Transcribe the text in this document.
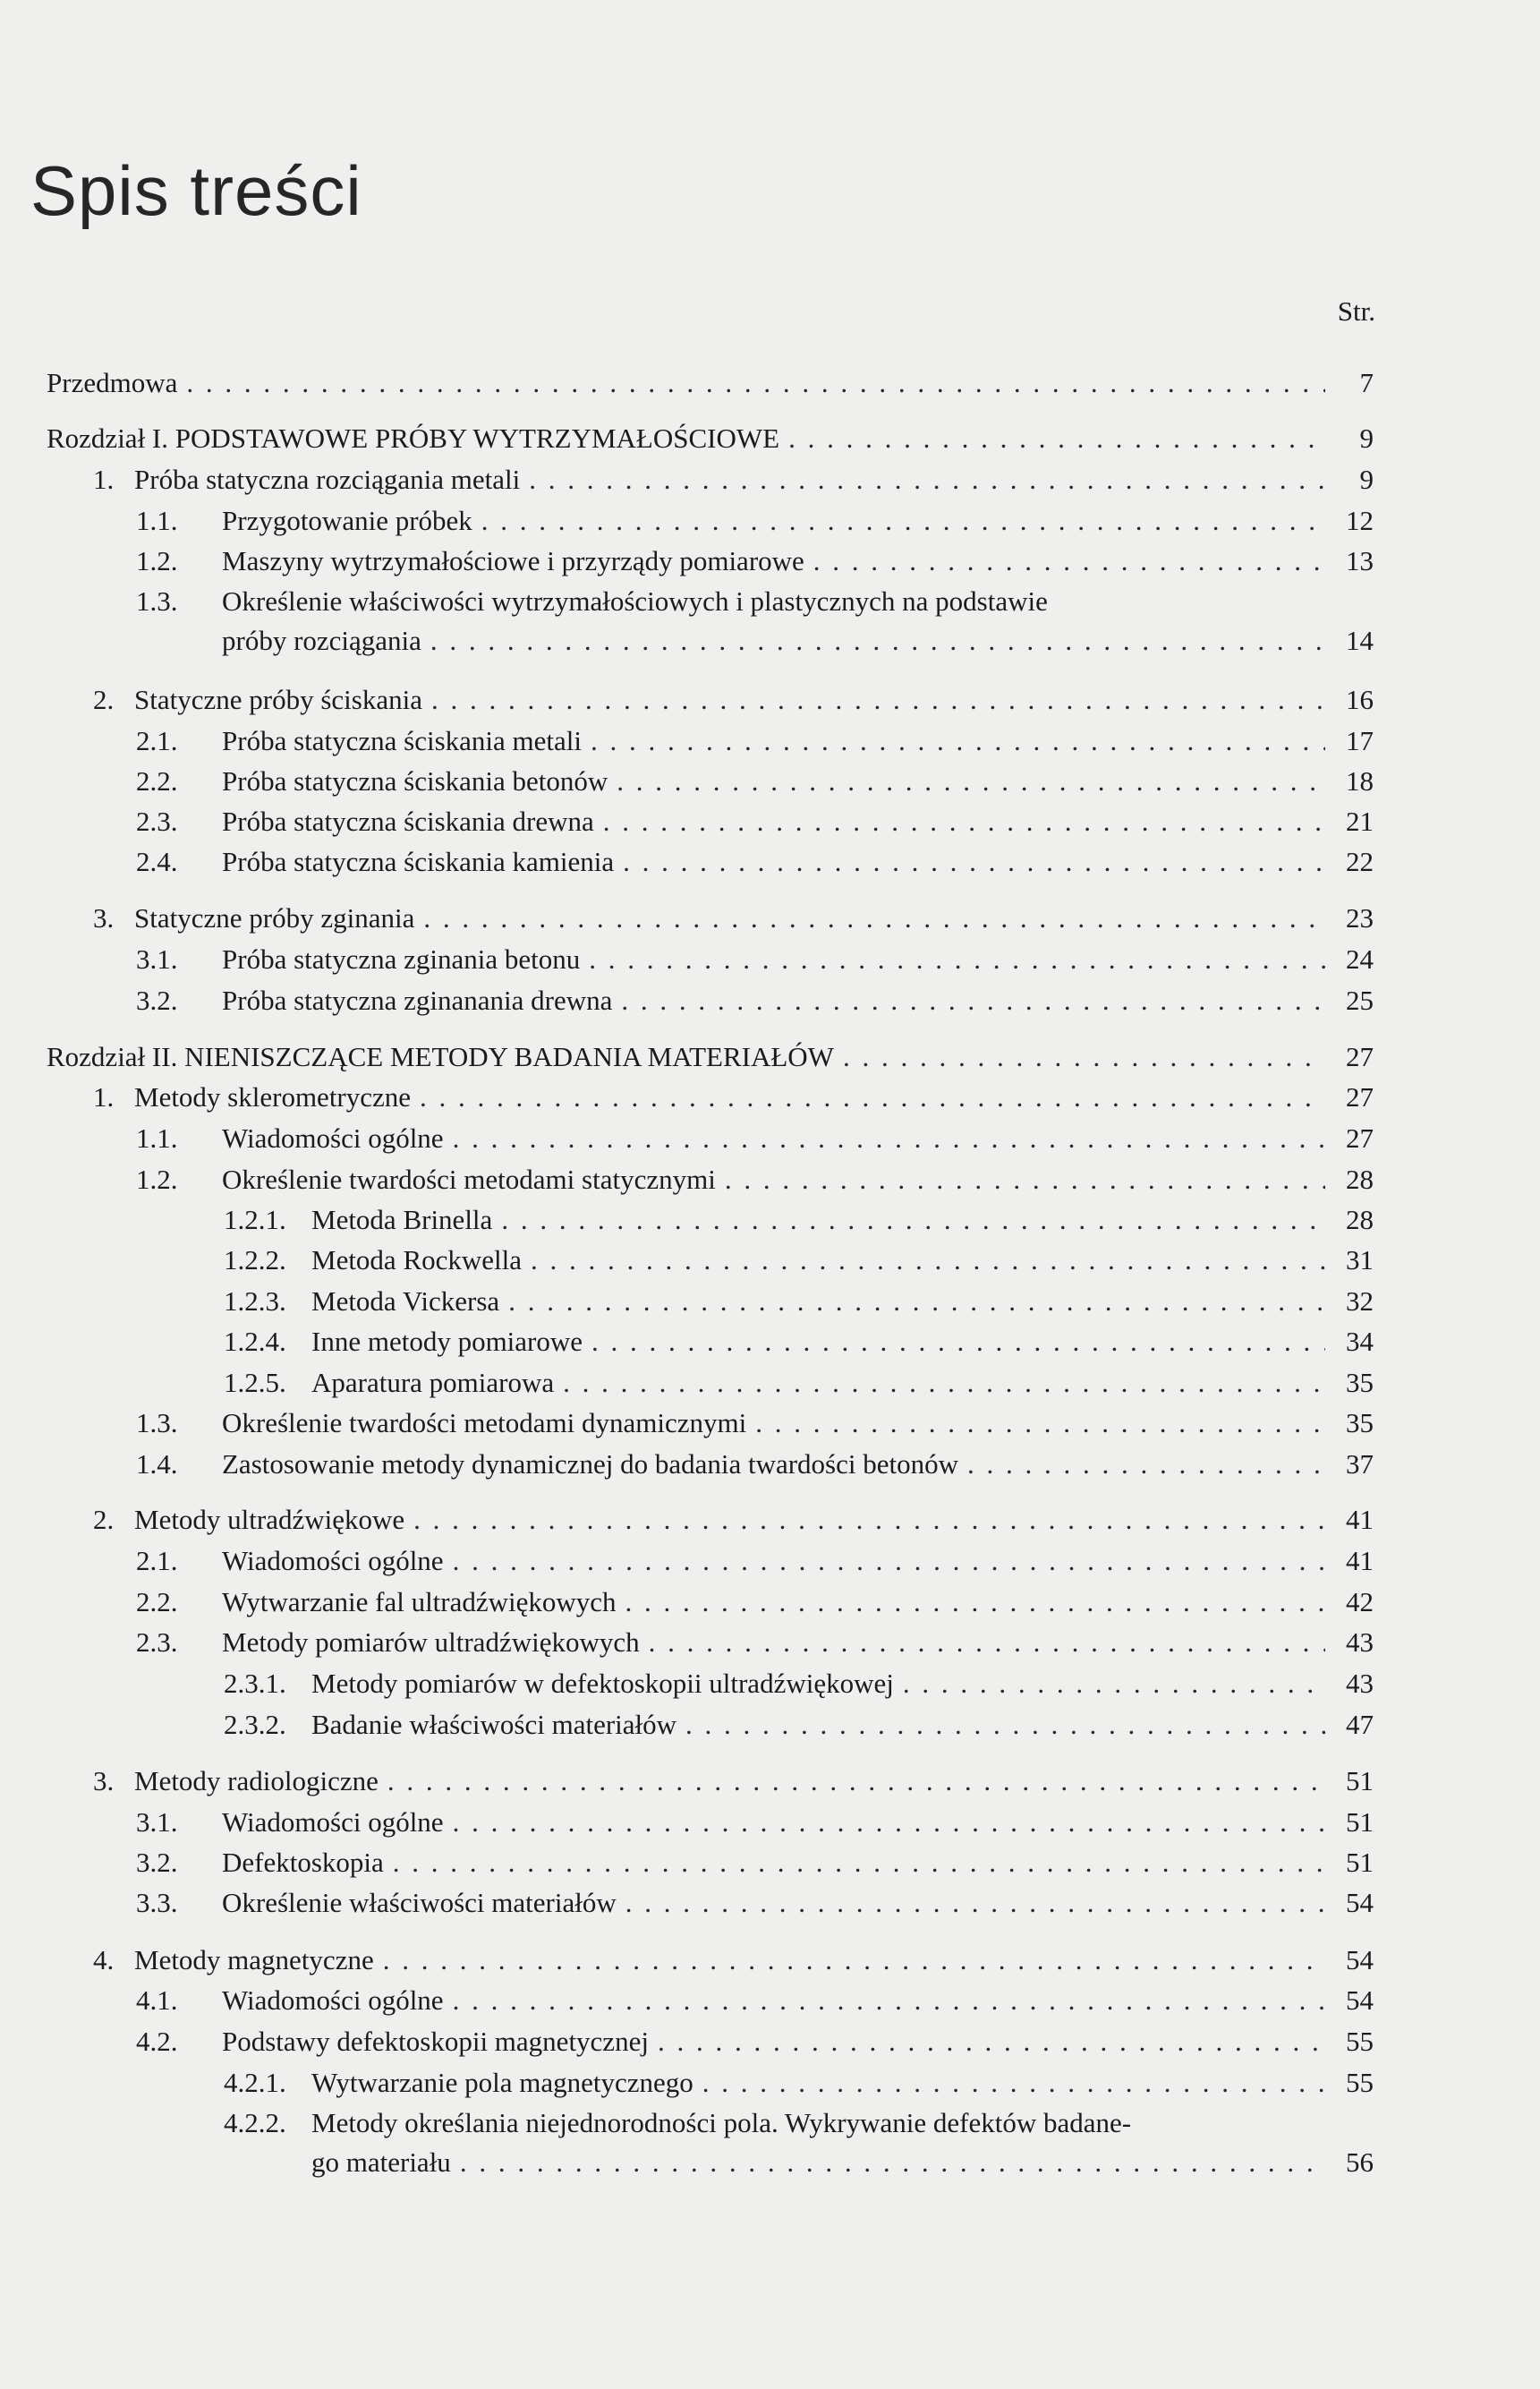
Spis treści
Str.
Przedmowa . . .	7
Rozdział I. PODSTAWOWE PRÓBY WYTRZYMAŁOŚCIOWE . . .	9
1. Próba statyczna rozciągania metali . . .	9
1.1. Przygotowanie próbek . . .	12
1.2. Maszyny wytrzymałościowe i przyrządy pomiarowe . . .	13
1.3. Określenie właściwości wytrzymałościowych i plastycznych na podstawie
próby rozciągania . . .	14
2. Statyczne próby ściskania . . .	16
2.1. Próba statyczna ściskania metali . . .	17
2.2. Próba statyczna ściskania betonów . . .	18
2.3. Próba statyczna ściskania drewna . . .	21
2.4. Próba statyczna ściskania kamienia . . .	22
3. Statyczne próby zginania . . .	23
3.1. Próba statyczna zginania betonu . . .	24
3.2. Próba statyczna zginanania drewna . . .	25
Rozdział II. NIENISZCZĄCE METODY BADANIA MATERIAŁÓW . . .	27
1. Metody sklerometryczne . . .	27
1.1. Wiadomości ogólne . . .	27
1.2. Określenie twardości metodami statycznymi . . .	28
1.2.1. Metoda Brinella . . .	28
1.2.2. Metoda Rockwella . . .	31
1.2.3. Metoda Vickersa . . .	32
1.2.4. Inne metody pomiarowe . . .	34
1.2.5. Aparatura pomiarowa . . .	35
1.3. Określenie twardości metodami dynamicznymi . . .	35
1.4. Zastosowanie metody dynamicznej do badania twardości betonów . . .	37
2. Metody ultradźwiękowe . . .	41
2.1. Wiadomości ogólne . . .	41
2.2. Wytwarzanie fal ultradźwiękowych . . .	42
2.3. Metody pomiarów ultradźwiękowych . . .	43
2.3.1. Metody pomiarów w defektoskopii ultradźwiękowej . . .	43
2.3.2. Badanie właściwości materiałów . . .	47
3. Metody radiologiczne . . .	51
3.1. Wiadomości ogólne . . .	51
3.2. Defektoskopia . . .	51
3.3. Określenie właściwości materiałów . . .	54
4. Metody magnetyczne . . .	54
4.1. Wiadomości ogólne . . .	54
4.2. Podstawy defektoskopii magnetycznej . . .	55
4.2.1. Wytwarzanie pola magnetycznego . . .	55
4.2.2. Metody określania niejednorodności pola. Wykrywanie defektów badane-
go materiału . . .	56
